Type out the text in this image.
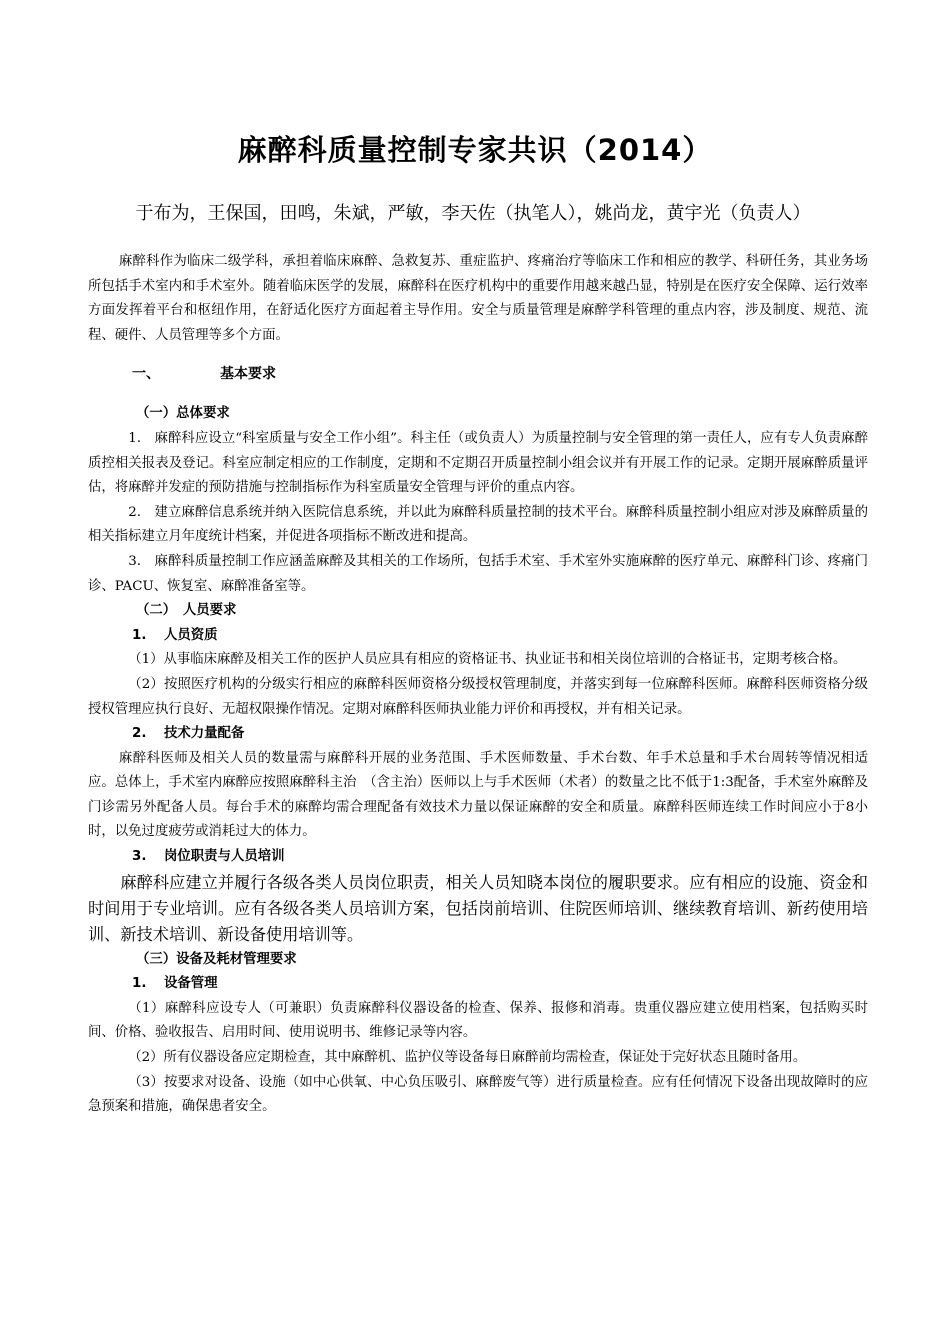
麻醉科质量控制专家共识（2014）
于布为，王保国，田鸣，朱斌，严敏，李天佐（执笔人），姚尚龙，黄宇光（负责人）

麻醉科作为临床二级学科，承担着临床麻醉、急救复苏、重症监护、疼痛治疗等临床工作和相应的教学、科研任务，其业务场所包括手术室内和手术室外。随着临床医学的发展，麻醉科在医疗机构中的重要作用越来越凸显，特别是在医疗安全保障、运行效率方面发挥着平台和枢纽作用，在舒适化医疗方面起着主导作用。安全与质量管理是麻醉学科管理的重点内容，涉及制度、规范、流程、硬件、人员管理等多个方面。

一、	基本要求
（一）总体要求

1.　麻醉科应设立“科室质量与安全工作小组”。科主任（或负责人）为质量控制与安全管理的第一责任人，应有专人负责麻醉质控相关报表及登记。科室应制定相应的工作制度，定期和不定期召开质量控制小组会议并有开展工作的记录。定期开展麻醉质量评估，将麻醉并发症的预防措施与控制指标作为科室质量安全管理与评价的重点内容。

2.　建立麻醉信息系统并纳入医院信息系统，并以此为麻醉科质量控制的技术平台。麻醉科质量控制小组应对涉及麻醉质量的相关指标建立月年度统计档案，并促进各项指标不断改进和提高。

3.　麻醉科质量控制工作应涵盖麻醉及其相关的工作场所，包括手术室、手术室外实施麻醉的医疗单元、麻醉科门诊、疼痛门诊、PACU、恢复室、麻醉准备室等。

（二）　人员要求
1. 人员资质

（1）从事临床麻醉及相关工作的医护人员应具有相应的资格证书、执业证书和相关岗位培训的合格证书，定期考核合格。

（2）按照医疗机构的分级实行相应的麻醉科医师资格分级授权管理制度，并落实到每一位麻醉科医师。麻醉科医师资格分级授权管理应执行良好、无超权限操作情况。定期对麻醉科医师执业能力评价和再授权，并有相关记录。

2. 技术力量配备

麻醉科医师及相关人员的数量需与麻醉科开展的业务范围、手术医师数量、手术台数、年手术总量和手术台周转等情况相适应。总体上，手术室内麻醉应按照麻醉科主治　（含主治）医师以上与手术医师（术者）的数量之比不低于1:3配备，手术室外麻醉及门诊需另外配备人员。每台手术的麻醉均需合理配备有效技术力量以保证麻醉的安全和质量。麻醉科医师连续工作时间应小于8小时，以免过度疲劳或消耗过大的体力。

3. 岗位职责与人员培训

麻醉科应建立并履行各级各类人员岗位职责，相关人员知晓本岗位的履职要求。应有相应的设施、资金和时间用于专业培训。应有各级各类人员培训方案，包括岗前培训、住院医师培训、继续教育培训、新药使用培训、新技术培训、新设备使用培训等。

（三）设备及耗材管理要求
1. 设备管理

（1）麻醉科应设专人（可兼职）负责麻醉科仪器设备的检查、保养、报修和消毒。贵重仪器应建立使用档案，包括购买时间、价格、验收报告、启用时间、使用说明书、维修记录等内容。

（2）所有仪器设备应定期检查，其中麻醉机、监护仪等设备每日麻醉前均需检查，保证处于完好状态且随时备用。

（3）按要求对设备、设施（如中心供氧、中心负压吸引、麻醉废气等）进行质量检查。应有任何情况下设备出现故障时的应急预案和措施，确保患者安全。
